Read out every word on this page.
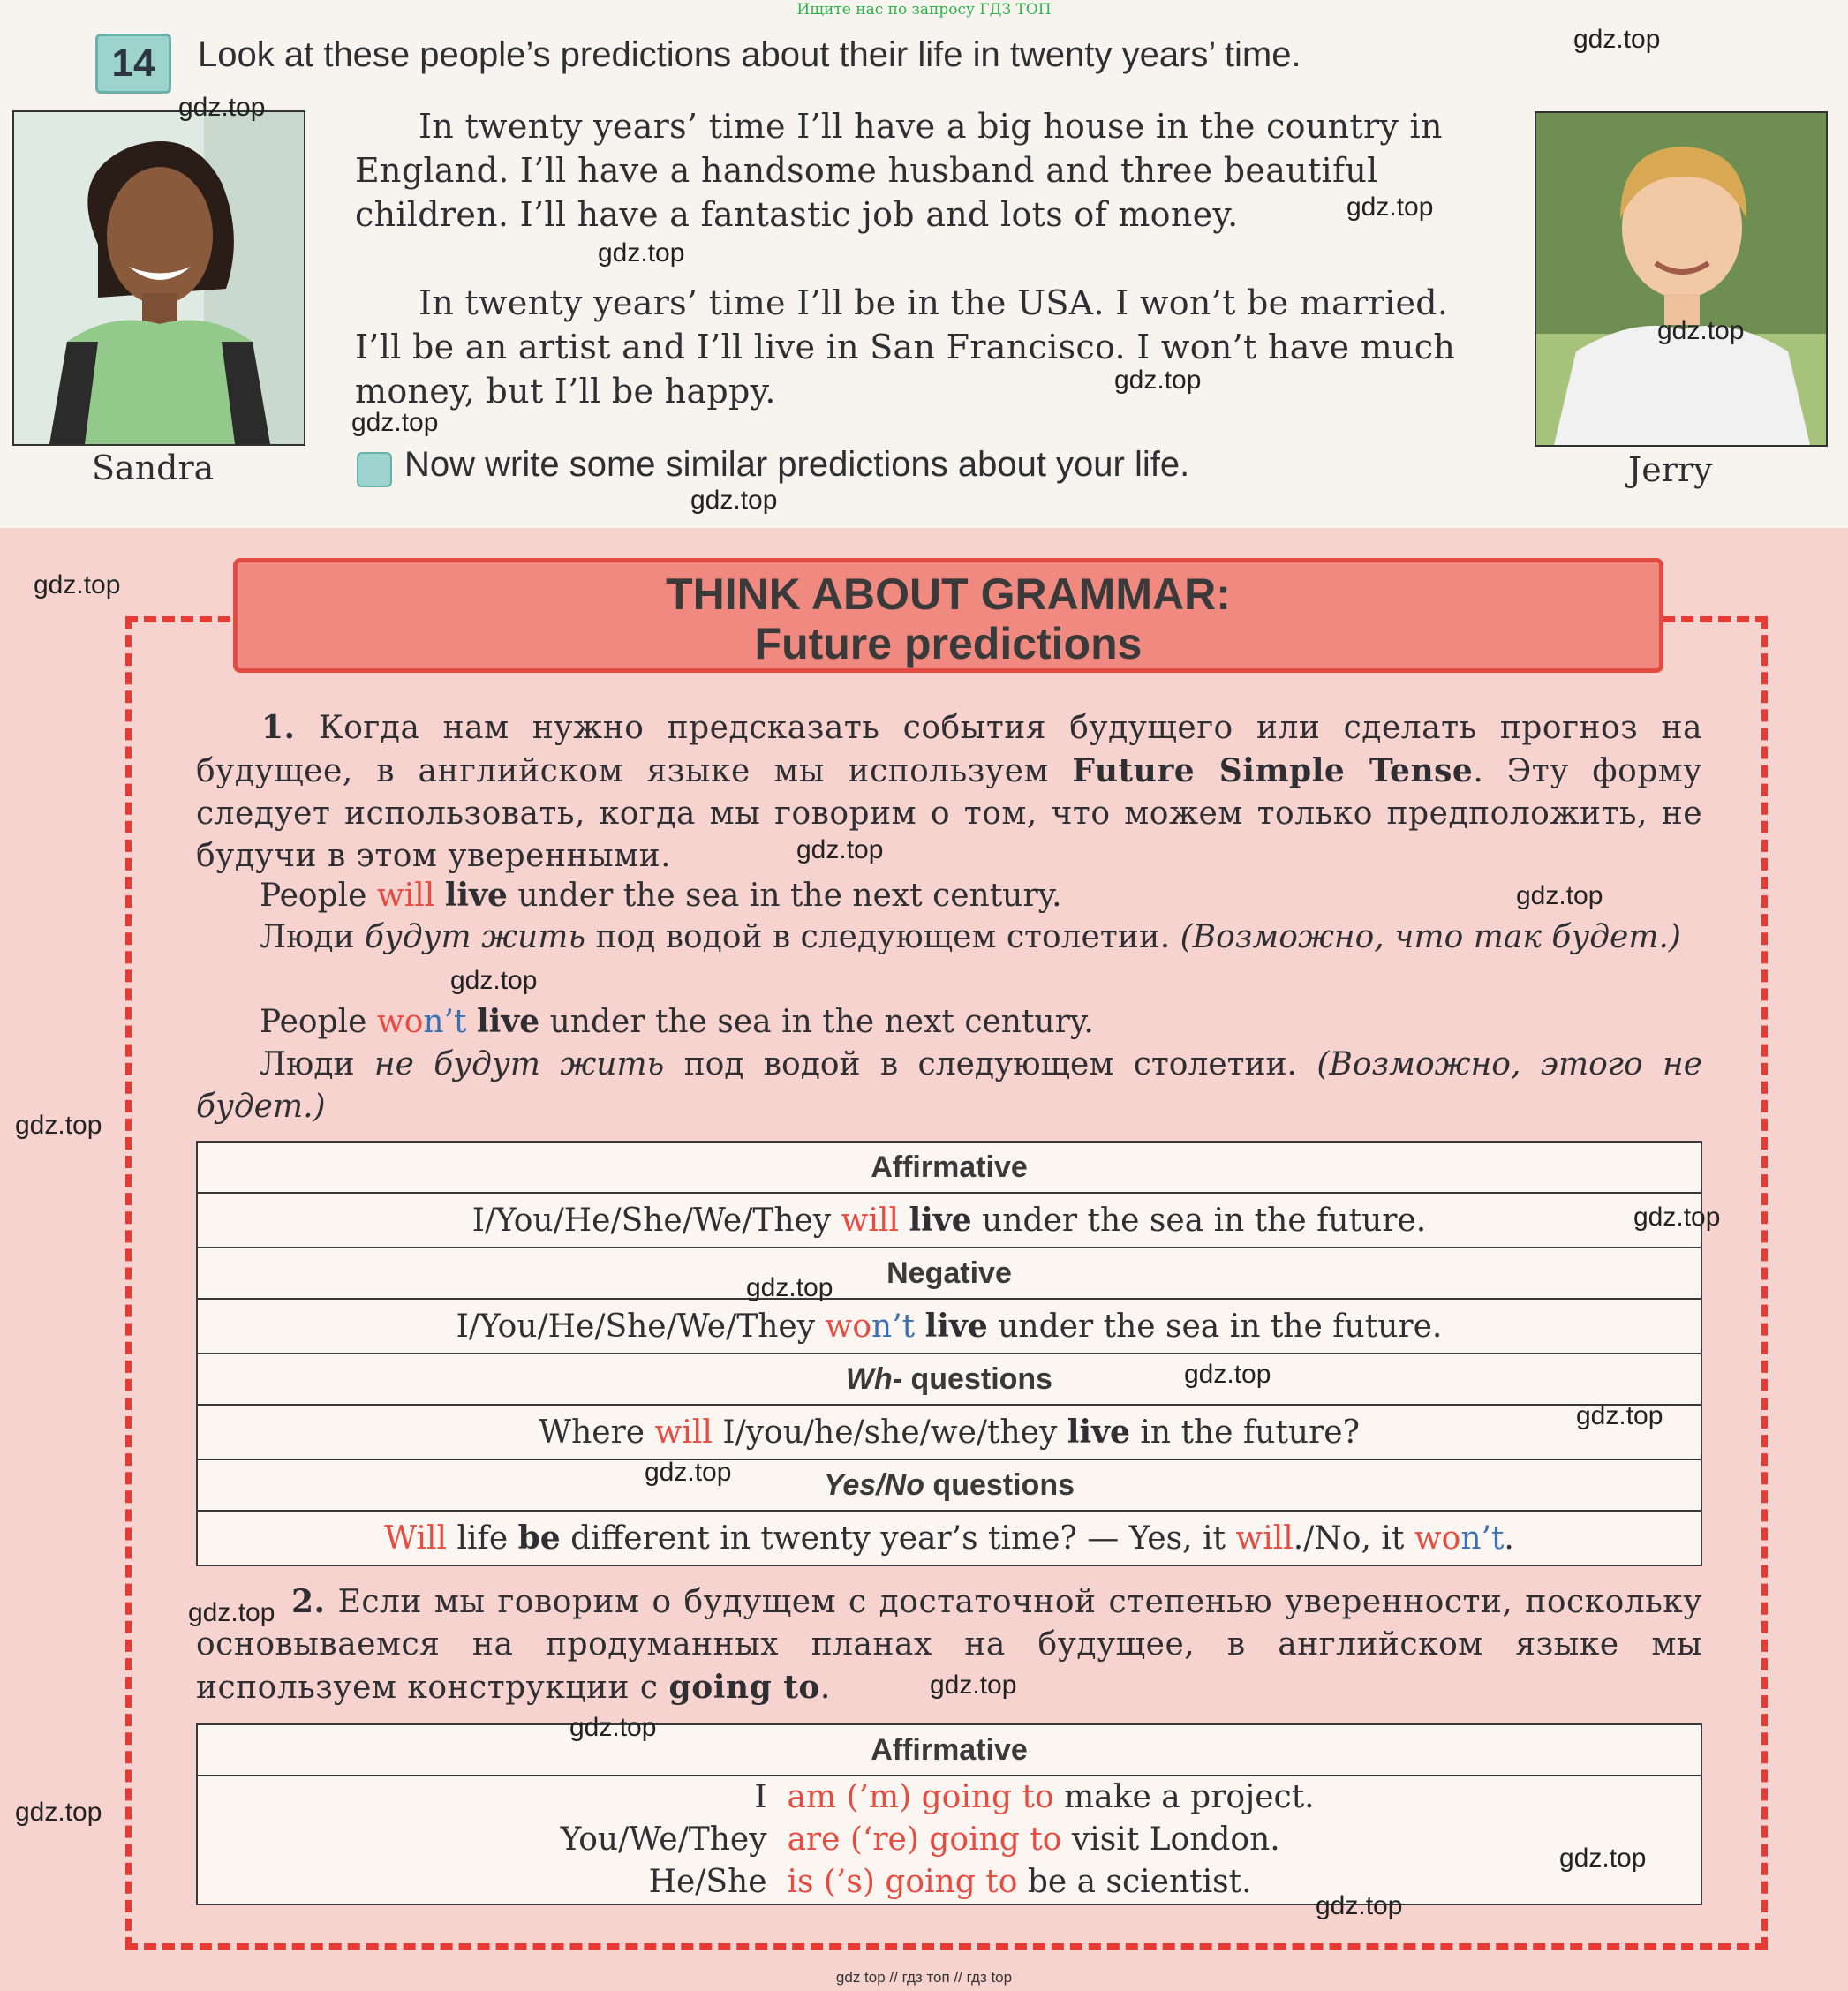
Ищите нас по запросу ГДЗ ТОП
14	Look at these people’s predictions about their life in twenty years’ time.
Sandra	Jerry
In twenty years’ time I’ll have a big house in the country in England. I’ll have a handsome husband and three beautiful children. I’ll have a fantastic job and lots of money.
In twenty years’ time I’ll be in the USA. I won’t be married. I’ll be an artist and I’ll live in San Francisco. I won’t have much money, but I’ll be happy.
Now write some similar predictions about your life.
THINK ABOUT GRAMMAR:
Future predictions
1. Когда нам нужно предсказать события будущего или сделать прогноз на будущее, в английском языке мы используем Future Simple Tense. Эту форму следует использовать, когда мы говорим о том, что можем только предположить, не будучи в этом уверенными.
People will live under the sea in the next century.
Люди будут жить под водой в следующем столетии. (Возможно, что так будет.)
People won’t live under the sea in the next century.
Люди не будут жить под водой в следующем столетии. (Возможно, этого не будет.)
Affirmative
I/You/He/She/We/They will live under the sea in the future.
Negative
I/You/He/She/We/They won’t live under the sea in the future.
Wh- questions
Where will I/you/he/she/we/they live in the future?
Yes/No questions
Will life be different in twenty year’s time? — Yes, it will./No, it won’t.
2. Если мы говорим о будущем с достаточной степенью уверенности, поскольку основываемся на продуманных планах на будущее, в английском языке мы используем конструкции с going to.
Affirmative

I am (’m) going to make a project.
You/We/They are (‘re) going to visit London.
He/She is (’s) going to be a scientist.
gdz.top
gdz.top
gdz.top
gdz.top
gdz.top
gdz.top
gdz.top
gdz.top
gdz.top
gdz.top
gdz.top
gdz.top
gdz.top
gdz.top
gdz.top
gdz.top
gdz.top
gdz.top
gdz.top
gdz.top
gdz.top
gdz.top
gdz.top
gdz.top
gdz top // гдз топ // гдз top
